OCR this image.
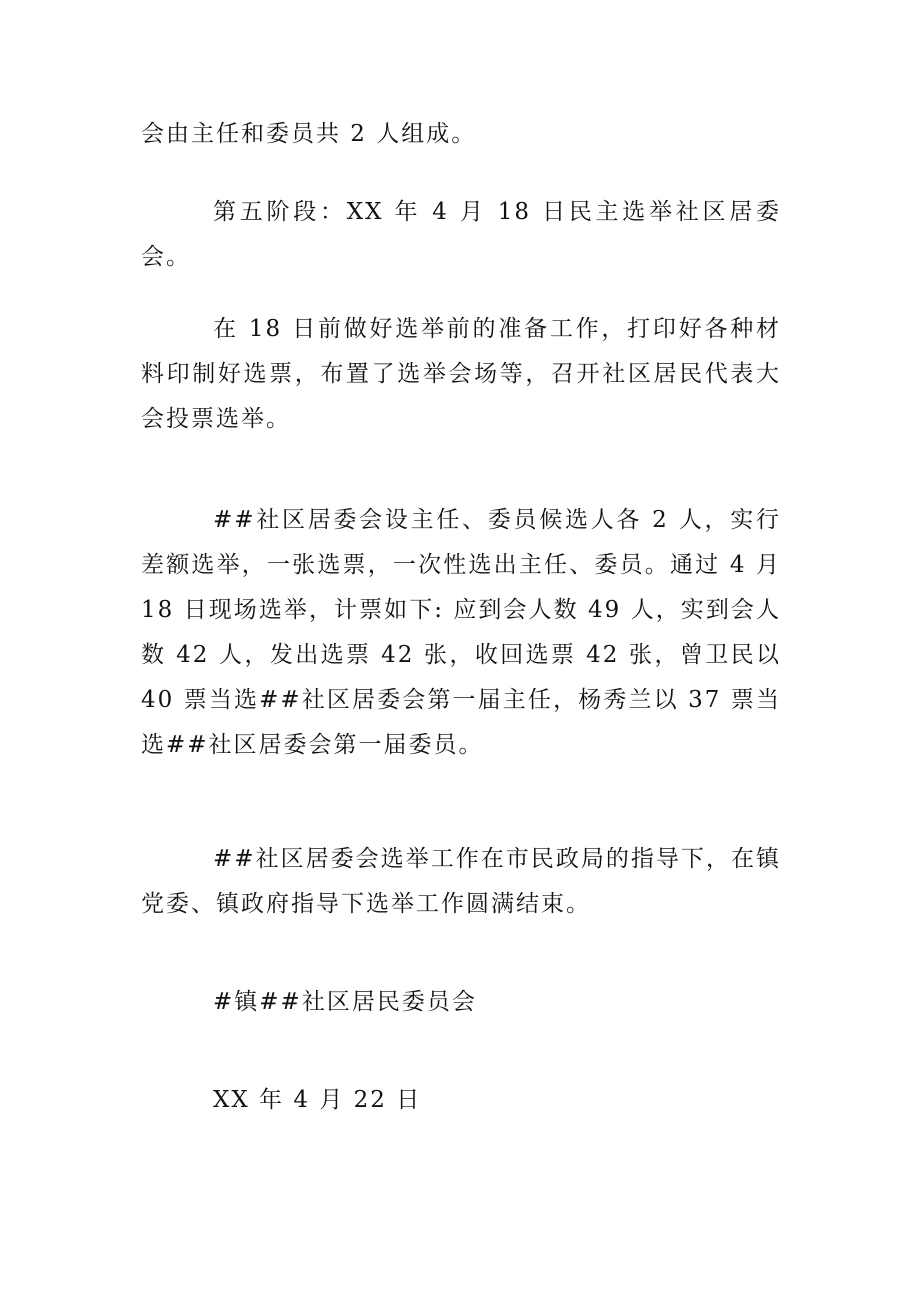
会由主任和委员共 2 人组成。

第五阶段：XX 年 4 月 18 日民主选举社区居委会。

在 18 日前做好选举前的准备工作，打印好各种材料印制好选票，布置了选举会场等，召开社区居民代表大会投票选举。

##社区居委会设主任、委员候选人各 2 人，实行差额选举，一张选票，一次性选出主任、委员。通过 4 月 18 日现场选举，计票如下: 应到会人数 49 人，实到会人数 42 人，发出选票 42 张，收回选票 42 张，曾卫民以 40 票当选##社区居委会第一届主任，杨秀兰以 37 票当选##社区居委会第一届委员。

##社区居委会选举工作在市民政局的指导下，在镇党委、镇政府指导下选举工作圆满结束。

#镇##社区居民委员会

XX 年 4 月 22 日
